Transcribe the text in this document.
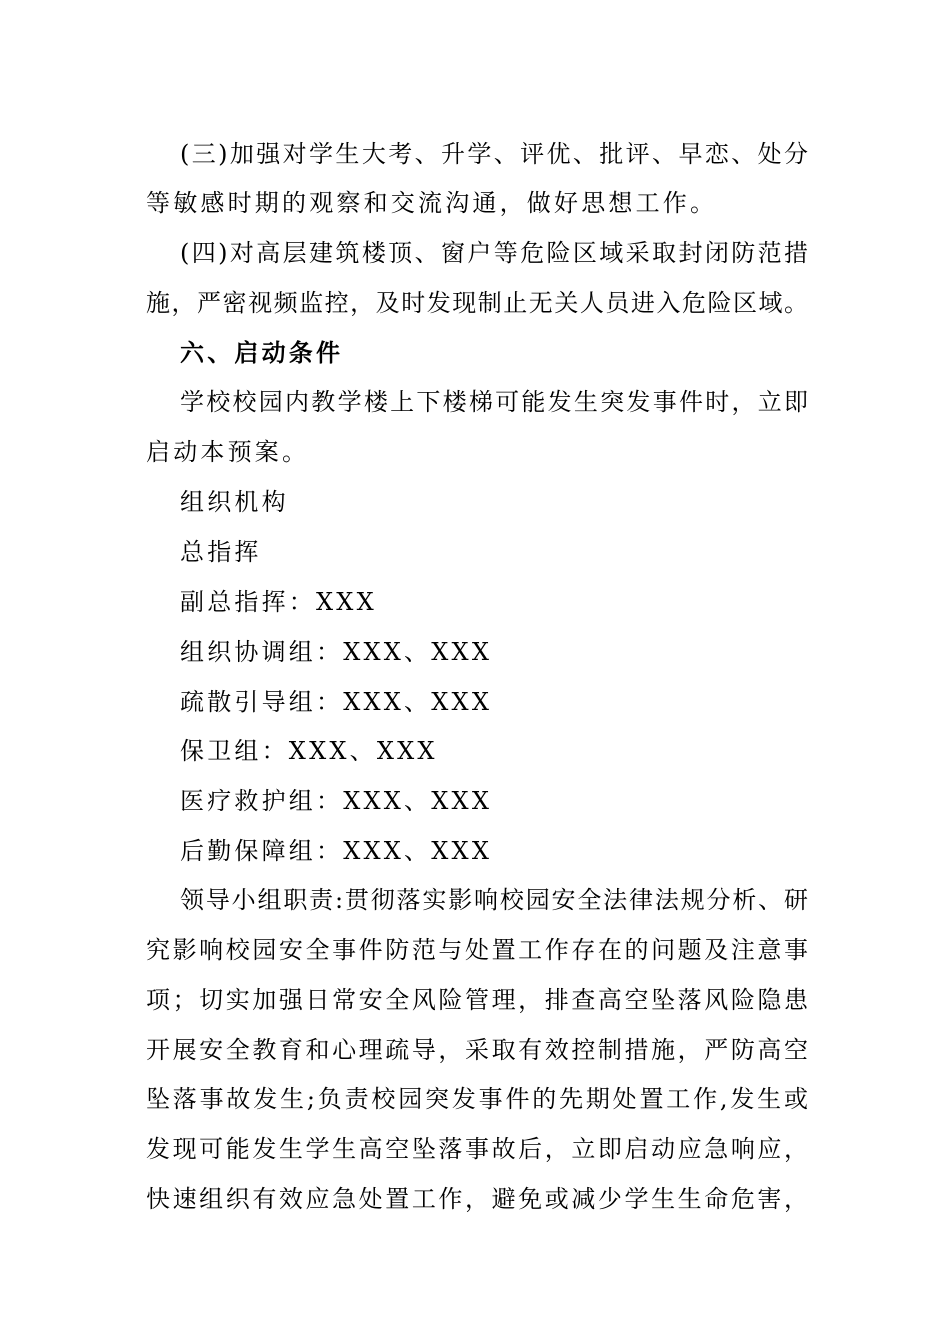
(三)加强对学生大考、升学、评优、批评、早恋、处分
等敏感时期的观察和交流沟通，做好思想工作。
(四)对高层建筑楼顶、窗户等危险区域采取封闭防范措
施，严密视频监控，及时发现制止无关人员进入危险区域。
六、启动条件
学校校园内教学楼上下楼梯可能发生突发事件时，立即
启动本预案。
组织机构
总指挥
副总指挥：XXX
组织协调组：XXX、XXX
疏散引导组：XXX、XXX
保卫组：XXX、XXX
医疗救护组：XXX、XXX
后勤保障组：XXX、XXX
领导小组职责:贯彻落实影响校园安全法律法规分析、研
究影响校园安全事件防范与处置工作存在的问题及注意事
项；切实加强日常安全风险管理，排查高空坠落风险隐患
开展安全教育和心理疏导，采取有效控制措施，严防高空
坠落事故发生;负责校园突发事件的先期处置工作,发生或
发现可能发生学生高空坠落事故后，立即启动应急响应，
快速组织有效应急处置工作，避免或减少学生生命危害，
